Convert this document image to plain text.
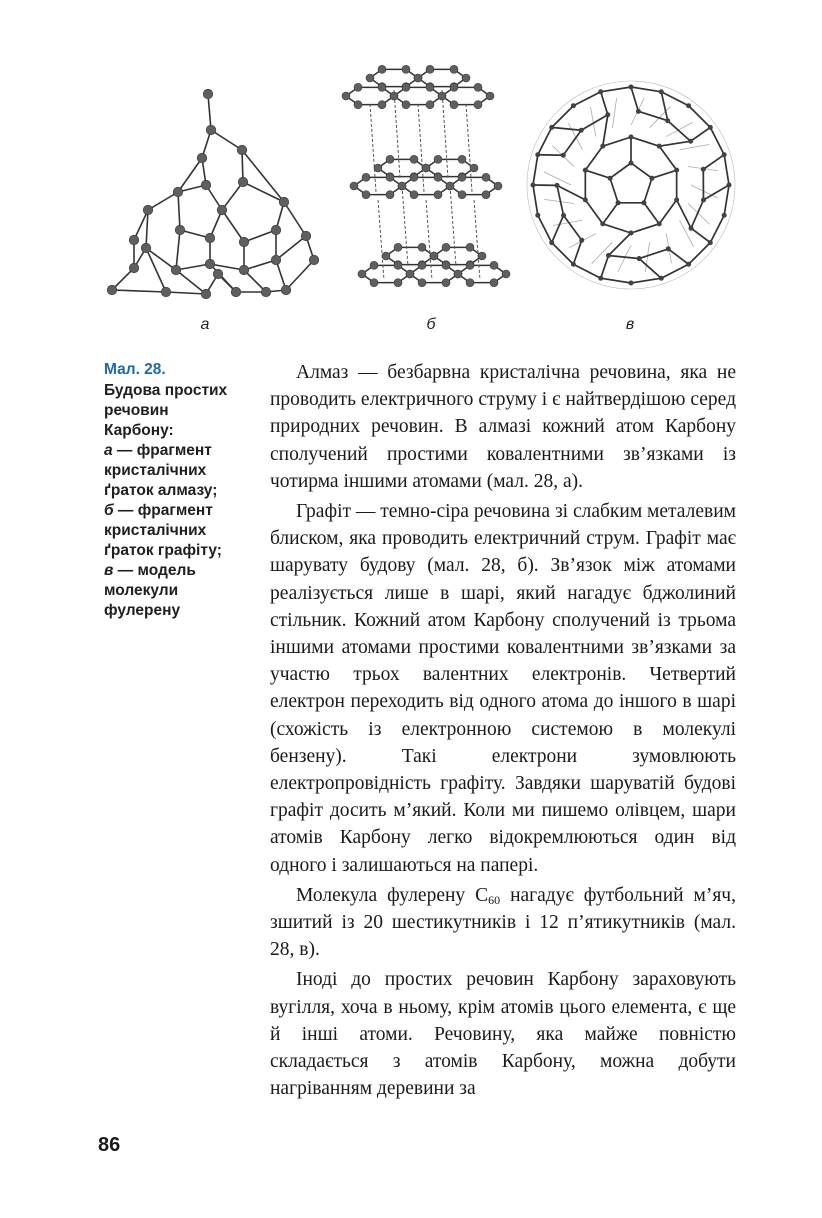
а	б	в
Мал. 28.
Будова простих
речовин
Карбону:
а — фрагмент
кристалічних
ґраток алмазу;
б — фрагмент
кристалічних
ґраток графіту;
в — модель
молекули
фулерену

Алмаз — безбарвна кристалічна речовина, яка не проводить електричного струму і є найтвердішою серед природних речовин. В алмазі кожний атом Карбону сполучений простими ковалентними зв’язками із чотирма іншими атомами (мал. 28, а).

Графіт — темно-сіра речовина зі слабким металевим блиском, яка проводить електричний струм. Графіт має шарувату будову (мал. 28, б). Зв’язок між атомами реалізується лише в шарі, який нагадує бджолиний стільник. Кожний атом Карбону сполучений із трьома іншими атомами простими ковалентними зв’язками за участю трьох валентних електронів. Четвертий електрон переходить від одного атома до іншого в шарі (схожість із електронною системою в молекулі бензену). Такі електрони зумовлюють електропровідність графіту. Завдяки шаруватій будові графіт досить м’який. Коли ми пишемо олівцем, шари атомів Карбону легко відокремлюються один від одного і залишаються на папері.

Молекула фулерену $С_{60}$ нагадує футбольний м’яч, зшитий із 20 шестикутників і 12 п’ятикутників (мал. 28, в).

Іноді до простих речовин Карбону зараховують вугілля, хоча в ньому, крім атомів цього елемента, є ще й інші атоми. Речовину, яка майже повністю складається з атомів Карбону, можна добути нагріванням деревини за

86
